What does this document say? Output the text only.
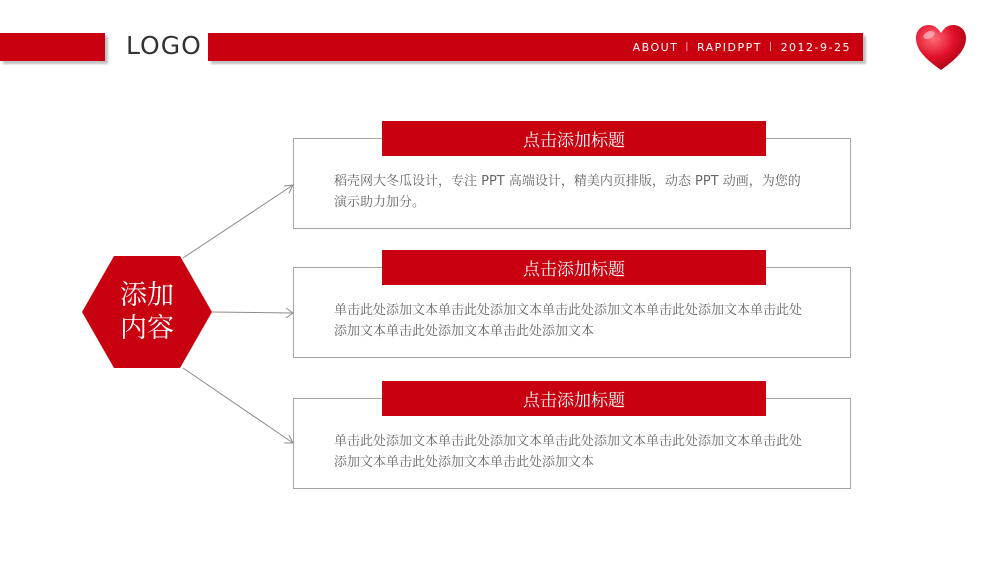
LOGO	ABOUT | RAPIDPPT | 2012-9-25
添加
内容
点击添加标题
稻壳网大冬瓜设计，专注 PPT 高端设计，精美内页排版，动态 PPT 动画，为您的演示助力加分。
点击添加标题
单击此处添加文本单击此处添加文本单击此处添加文本单击此处添加文本单击此处添加文本单击此处添加文本单击此处添加文本
点击添加标题
单击此处添加文本单击此处添加文本单击此处添加文本单击此处添加文本单击此处添加文本单击此处添加文本单击此处添加文本
